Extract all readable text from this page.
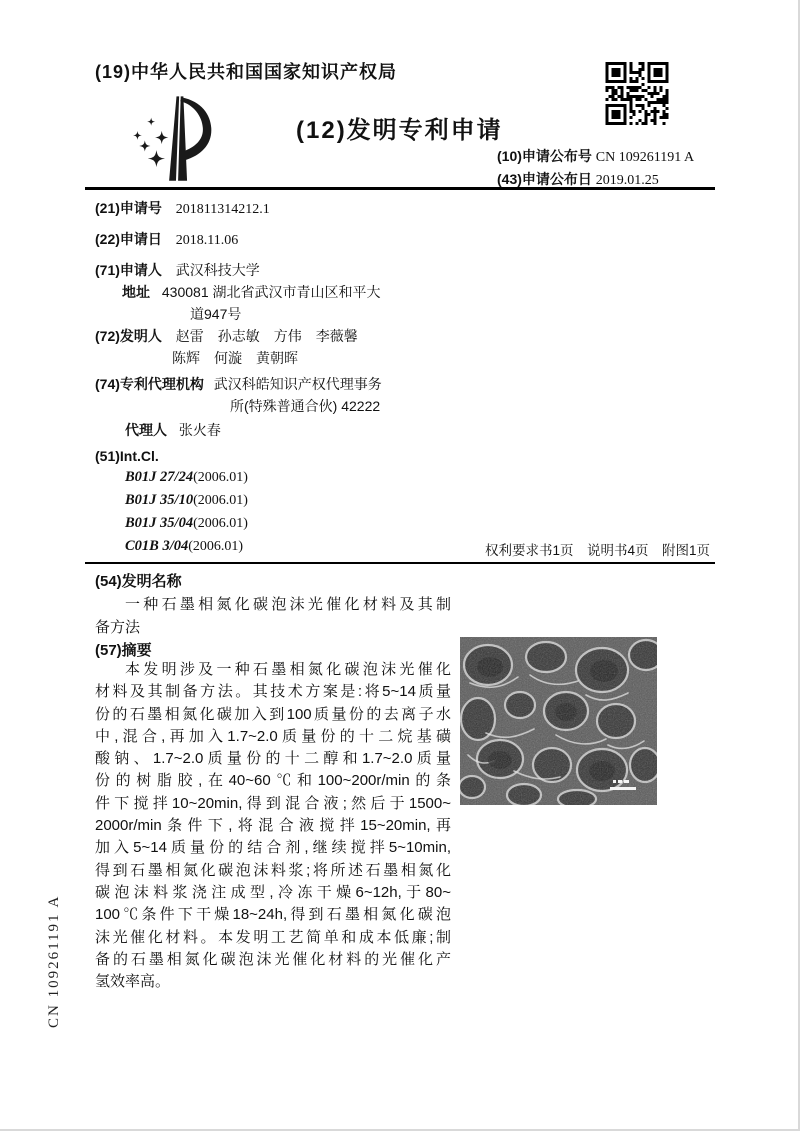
CN 109261191 A
(19)中华人民共和国国家知识产权局
(12)发明专利申请
(10)申请公布号 CN 109261191 A
(43)申请公布日 2019.01.25
(21)申请号 201811314212.1
(22)申请日 2018.11.06
(71)申请人 武汉科技大学
地址 430081 湖北省武汉市青山区和平大
道947号
(72)发明人 赵雷　孙志敏　方伟　李薇馨
陈辉　何漩　黄朝晖
(74)专利代理机构 武汉科皓知识产权代理事务
所(特殊普通合伙) 42222
代理人 张火春
(51)Int.Cl.
B01J 27/24(2006.01)
B01J 35/10(2006.01)
B01J 35/04(2006.01)
C01B 3/04(2006.01)	权利要求书1页　说明书4页　附图1页
(54)发明名称
一种石墨相氮化碳泡沫光催化材料及其制
备方法
(57)摘要
本发明涉及一种石墨相氮化碳泡沫光催化
材料及其制备方法。其技术方案是:将5~14质量
份的石墨相氮化碳加入到100质量份的去离子水
中,混合,再加入1.7~2.0质量份的十二烷基磺
酸钠、1.7~2.0质量份的十二醇和1.7~2.0质量
份的树脂胶,在40~60℃和100~200r/min的条
件下搅拌10~20min,得到混合液;然后于1500~
2000r/min条件下,将混合液搅拌15~20min,再
加入5~14质量份的结合剂,继续搅拌5~10min,
得到石墨相氮化碳泡沫料浆;将所述石墨相氮化
碳泡沫料浆浇注成型,冷冻干燥6~12h,于80~
100℃条件下干燥18~24h,得到石墨相氮化碳泡
沫光催化材料。本发明工艺简单和成本低廉;制
备的石墨相氮化碳泡沫光催化材料的光催化产
氢效率高。
